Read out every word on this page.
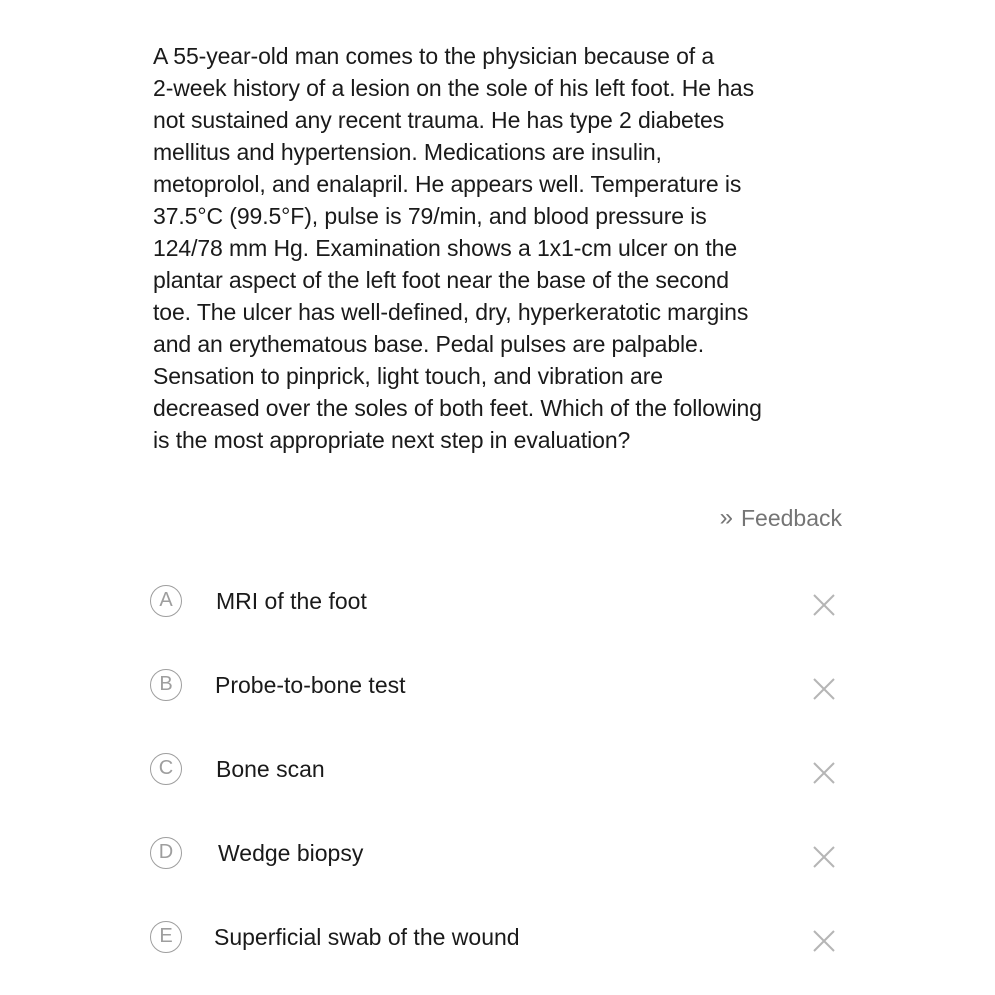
A 55-year-old man comes to the physician because of a
2-week history of a lesion on the sole of his left foot. He has
not sustained any recent trauma. He has type 2 diabetes
mellitus and hypertension. Medications are insulin,
metoprolol, and enalapril. He appears well. Temperature is
37.5°C (99.5°F), pulse is 79/min, and blood pressure is
124/78 mm Hg. Examination shows a 1x1-cm ulcer on the
plantar aspect of the left foot near the base of the second
toe. The ulcer has well-defined, dry, hyperkeratotic margins
and an erythematous base. Pedal pulses are palpable.
Sensation to pinprick, light touch, and vibration are
decreased over the soles of both feet. Which of the following
is the most appropriate next step in evaluation?
» Feedback
A	MRI of the foot
B	Probe-to-bone test
C	Bone scan
D	Wedge biopsy
E	Superficial swab of the wound
